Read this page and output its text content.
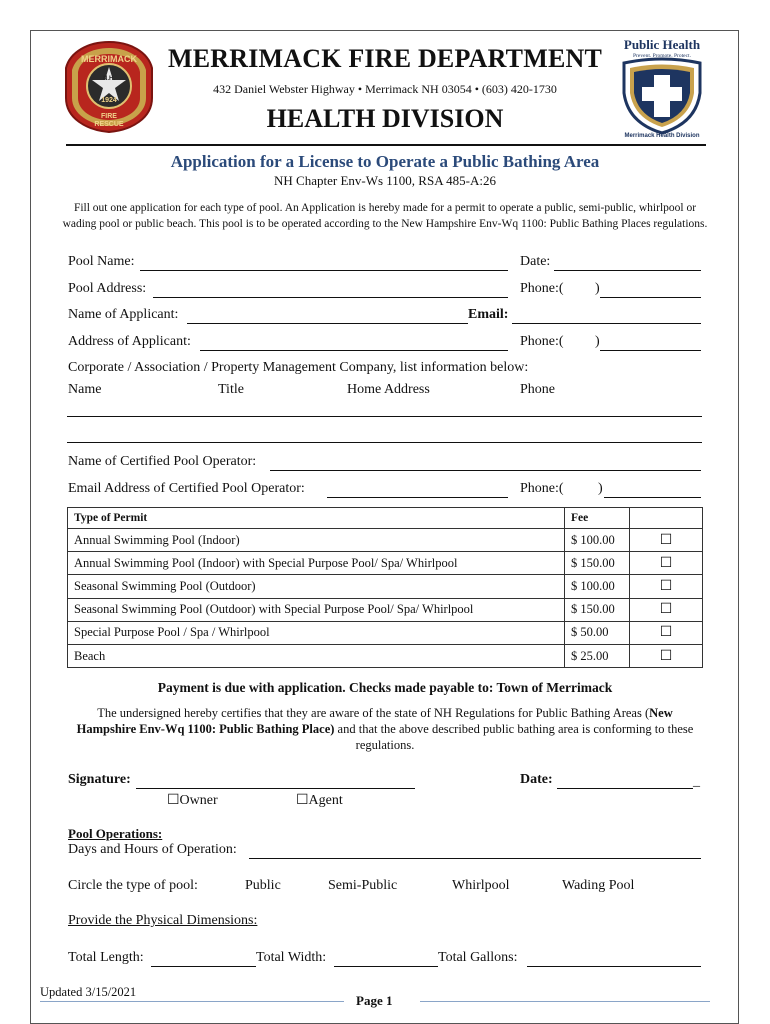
MERRIMACK
N.H.
1924
FIRE
RESCUE
Public Health
Prevent. Promote. Protect.
Merrimack Health Division
MERRIMACK FIRE DEPARTMENT
432 Daniel Webster Highway • Merrimack NH 03054 • (603) 420-1730
HEALTH DIVISION
Application for a License to Operate a Public Bathing Area
NH Chapter Env-Ws 1100, RSA 485-A:26
Fill out one application for each type of pool. An Application is hereby made for a permit to operate a public, semi-public, whirlpool or wading pool or public beach. This pool is to be operated according to the New Hampshire Env-Wq 1100: Public Bathing Places regulations.
Pool Name:	Date:
Pool Address:	Phone:( )
Name of Applicant:	Email:
Address of Applicant:	Phone:( )
Corporate / Association / Property Management Company, list information below:
Name	Title	Home Address	Phone
Name of Certified Pool Operator:
Email Address of Certified Pool Operator:	Phone:( )
Type of Permit	Fee	
Annual Swimming Pool (Indoor)	$ 100.00	☐
Annual Swimming Pool (Indoor) with Special Purpose Pool/ Spa/ Whirlpool	$ 150.00	☐
Seasonal Swimming Pool (Outdoor)	$ 100.00	☐
Seasonal Swimming Pool (Outdoor) with Special Purpose Pool/ Spa/ Whirlpool	$ 150.00	☐
Special Purpose Pool / Spa / Whirlpool	$ 50.00	☐
Beach	$ 25.00	☐
Payment is due with application. Checks made payable to: Town of Merrimack
The undersigned hereby certifies that they are aware of the state of NH Regulations for Public Bathing Areas (New Hampshire Env-Wq 1100: Public Bathing Place) and that the above described public bathing area is conforming to these regulations.
Signature:	Date:	_
☐Owner	☐Agent
Pool Operations:
Days and Hours of Operation:
Circle the type of pool:	Public	Semi-Public	Whirlpool	Wading Pool
Provide the Physical Dimensions:
Total Length:	Total Width:	Total Gallons:
Updated 3/15/2021
Page 1
